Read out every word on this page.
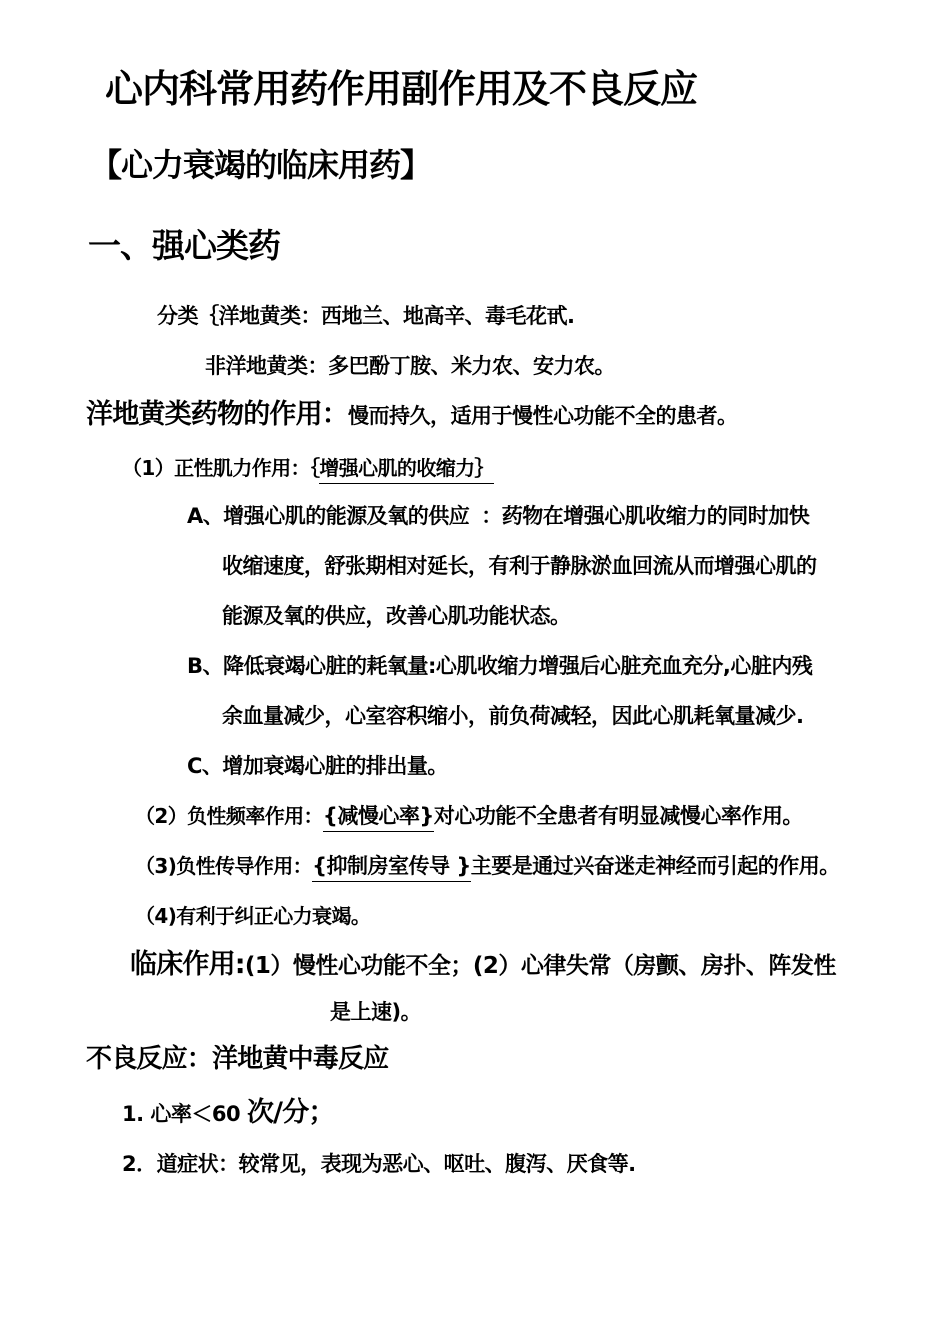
心内科常用药作用副作用及不良反应
【心力衰竭的临床用药】
一、强心类药
分类｛洋地黄类：西地兰、地高辛、毒毛花甙.
非洋地黄类：多巴酚丁胺、米力农、安力农。
洋地黄类药物的作用：慢而持久，适用于慢性心功能不全的患者。
（1）正性肌力作用：｛增强心肌的收缩力｝
A、增强心肌的能源及氧的供应 ：药物在增强心肌收缩力的同时加快
收缩速度，舒张期相对延长，有利于静脉淤血回流从而增强心肌的
能源及氧的供应，改善心肌功能状态。
B、降低衰竭心脏的耗氧量:心肌收缩力增强后心脏充血充分,心脏内残
余血量减少，心室容积缩小，前负荷减轻，因此心肌耗氧量减少.
C、增加衰竭心脏的排出量。
（2）负性频率作用：{减慢心率}对心功能不全患者有明显减慢心率作用。
（3)负性传导作用：{抑制房室传导 }主要是通过兴奋迷走神经而引起的作用。
（4)有利于纠正心力衰竭。
临床作用:(1）慢性心功能不全；(2）心律失常（房颤、房扑、阵发性
是上速)。
不良反应：洋地黄中毒反应
1. 心率＜60 次/分；
2．道症状：较常见，表现为恶心、呕吐、腹泻、厌食等.
